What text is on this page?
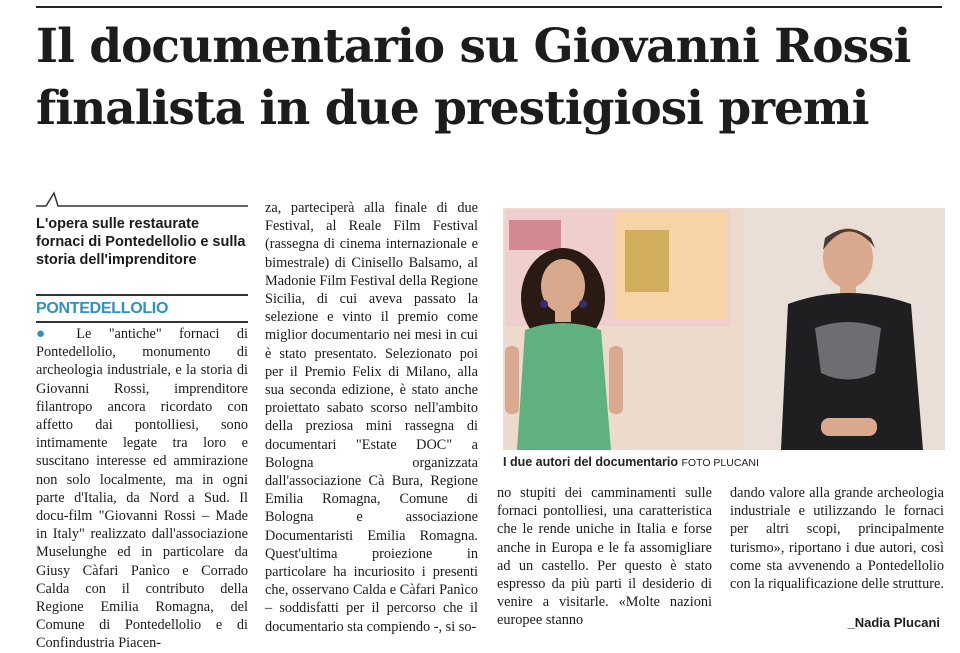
Il documentario su Giovanni Rossi
finalista in due prestigiosi premi

L'opera sulle restaurate fornaci di Pontedellolio e sulla storia dell'imprenditore

PONTEDELLOLIO

● Le "antiche" fornaci di Pontedellolio, monumento di archeologia industriale, e la storia di Giovanni Rossi, imprenditore filantropo ancora ricordato con affetto dai pontolliesi, sono intimamente legate tra loro e suscitano interesse ed ammirazione non solo localmente, ma in ogni parte d'Italia, da Nord a Sud. Il docu-film "Giovanni Rossi – Made in Italy" realizzato dall'associazione Muselunghe ed in particolare da Giusy Càfari Panìco e Corrado Calda con il contributo della Regione Emilia Romagna, del Comune di Pontedellolio e di Confindustria Piacen-

za, parteciperà alla finale di due Festival, al Reale Film Festival (rassegna di cinema internazionale e bimestrale) di Cinisello Balsamo, al Madonie Film Festival della Regione Sicilia, di cui aveva passato la selezione e vinto il premio come miglior documentario nei mesi in cui è stato presentato. Selezionato poi per il Premio Felix di Milano, alla sua seconda edizione, è stato anche proiettato sabato scorso nell'ambito della preziosa mini rassegna di documentari "Estate DOC" a Bologna organizzata dall'associazione Cà Bura, Regione Emilia Romagna, Comune di Bologna e associazione Documentaristi Emilia Romagna. Quest'ultima proiezione in particolare ha incuriosito i presenti che, osservano Calda e Càfari Panìco – soddisfatti per il percorso che il documentario sta compiendo -, si so-

I due autori del documentario FOTO PLUCANI

no stupiti dei camminamenti sulle fornaci pontolliesi, una caratteristica che le rende uniche in Italia e forse anche in Europa e le fa assomigliare ad un castello. Per questo è stato espresso da più parti il desiderio di venire a visitarle. «Molte nazioni europee stanno

dando valore alla grande archeologia industriale e utilizzando le fornaci per altri scopi, principalmente turismo», riportano i due autori, così come sta avvenendo a Pontedellolio con la riqualificazione delle strutture.

_Nadia Plucani
